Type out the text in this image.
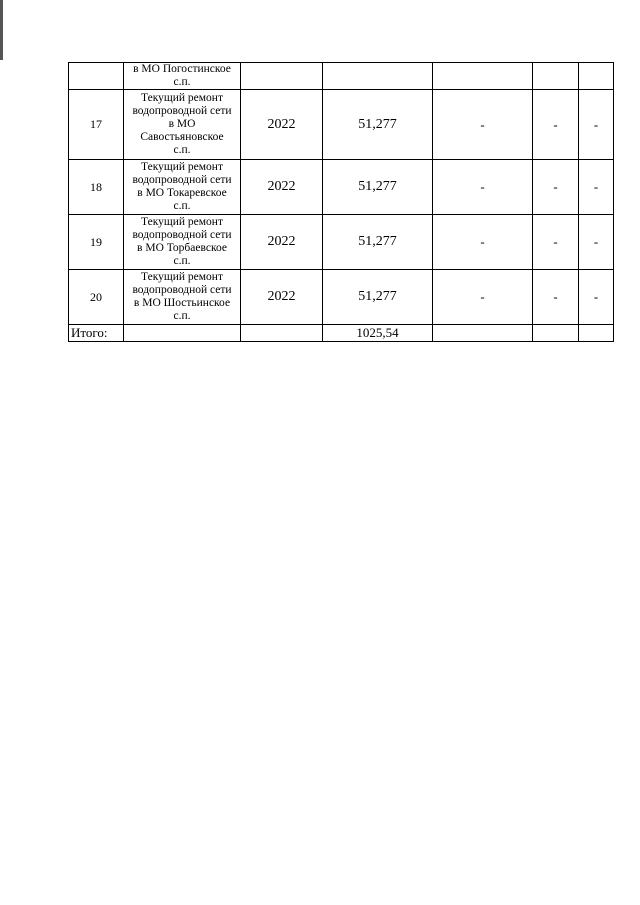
	в МО Погостинское
с.п.					

17	Текущий ремонт
водопроводной сети
в МО
Савостьяновское
с.п.	2022	51,277	-	-	-
18	Текущий ремонт
водопроводной сети
в МО Токаревское
с.п.	2022	51,277	-	-	-
19	Текущий ремонт
водопроводной сети
в МО Торбаевское
с.п.	2022	51,277	-	-	-
20	Текущий ремонт
водопроводной сети
в МО Шостьинское
с.п.	2022	51,277	-	-	-
Итого:			1025,54			
